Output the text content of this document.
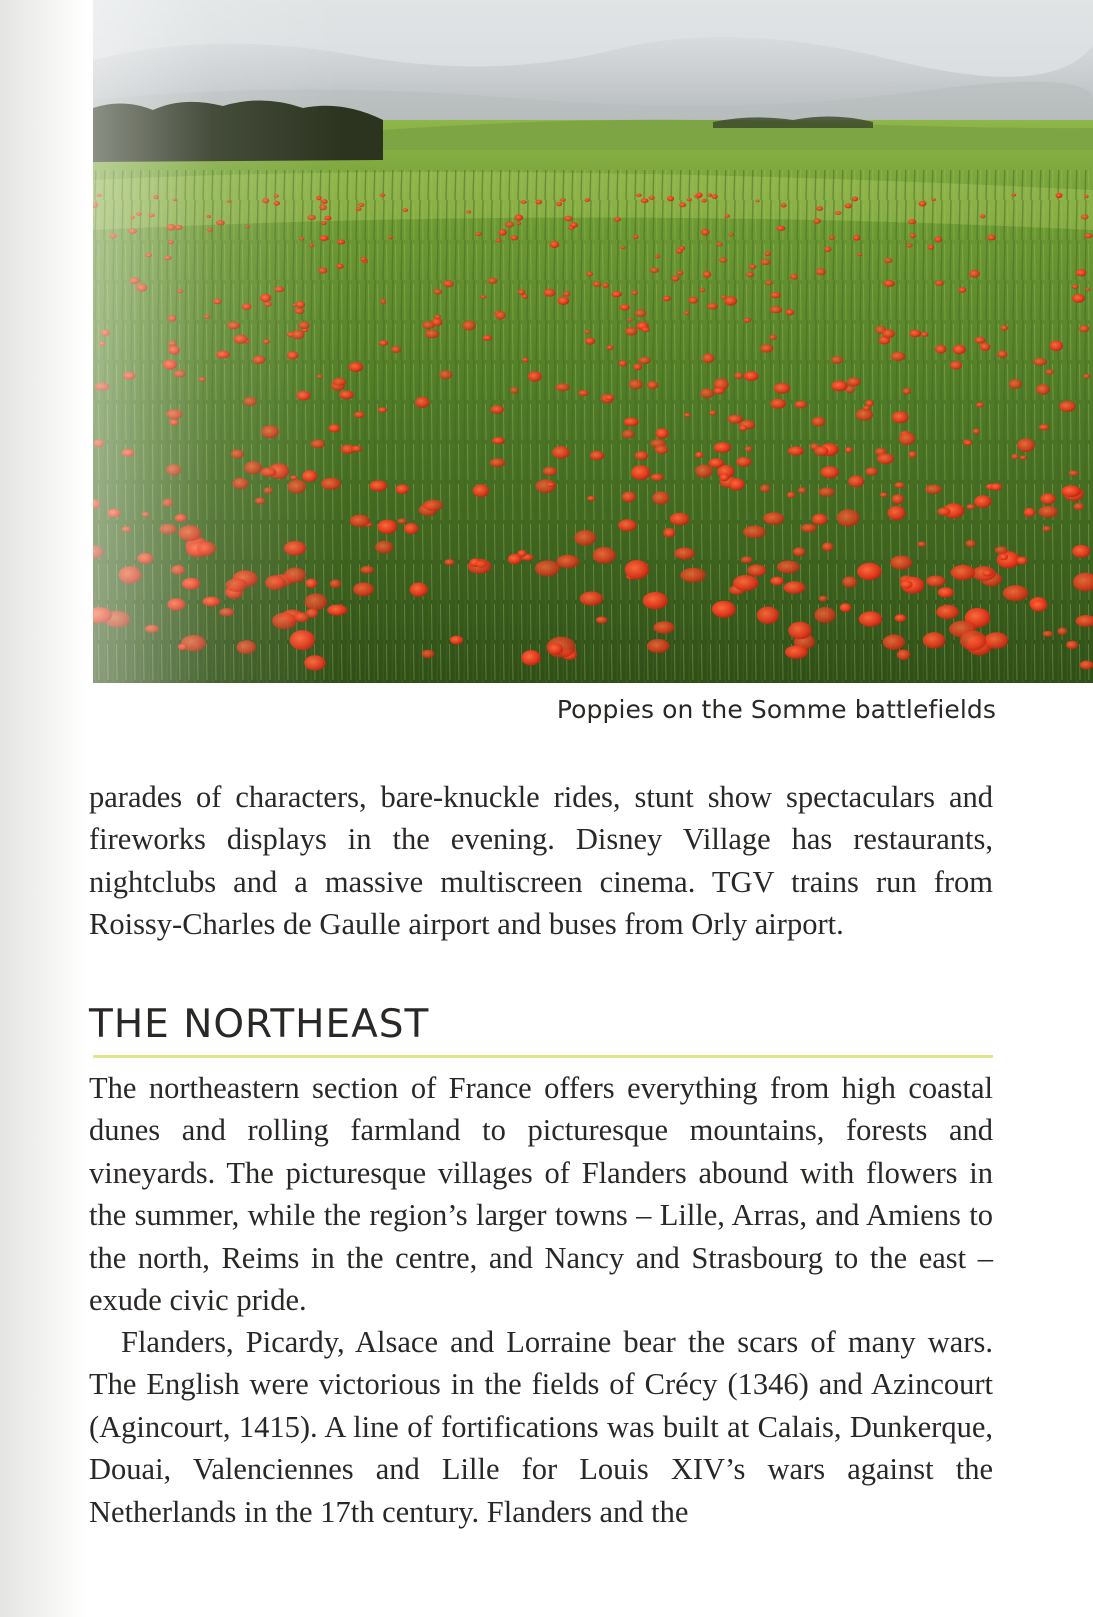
Poppies on the Somme battlefields

parades of characters, bare-knuckle rides, stunt show spectaculars and fireworks displays in the evening. Disney Village has restaurants, nightclubs and a massive multiscreen cinema. TGV trains run from Roissy-Charles de Gaulle airport and buses from Orly airport.

THE NORTHEAST

The northeastern section of France offers everything from high coastal dunes and rolling farmland to picturesque mountains, forests and vineyards. The picturesque villages of Flanders abound with flowers in the summer, while the region’s larger towns – Lille, Arras, and Amiens to the north, Reims in the centre, and Nancy and Strasbourg to the east – exude civic pride.

Flanders, Picardy, Alsace and Lorraine bear the scars of many wars. The English were victorious in the fields of Crécy (1346) and Azincourt (Agincourt, 1415). A line of fortifications was built at Calais, Dunkerque, Douai, Valenciennes and Lille for Louis XIV’s wars against the Netherlands in the 17th century. Flanders and the
